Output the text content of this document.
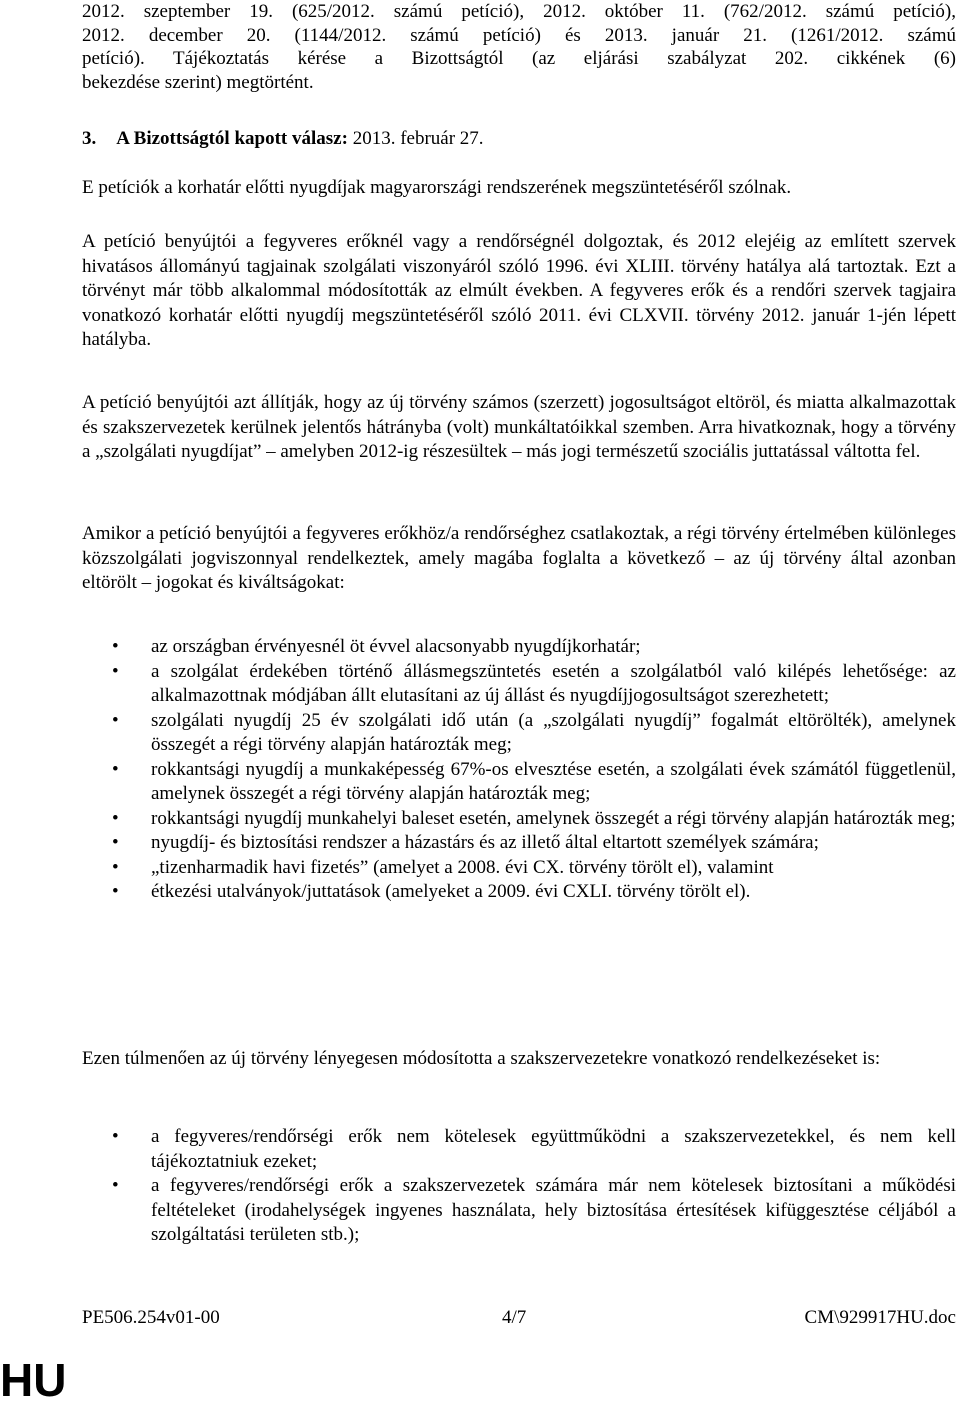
2012. szeptember 19. (625/2012. számú petíció), 2012. október 11. (762/2012. számú petíció),
2012. december 20. (1144/2012. számú petíció) és 2013. január 21. (1261/2012. számú
petíció). Tájékoztatás kérése a Bizottságtól (az eljárási szabályzat 202. cikkének (6)
bekezdése szerint) megtörtént.
3. A Bizottságtól kapott válasz: 2013. február 27.
E petíciók a korhatár előtti nyugdíjak magyarországi rendszerének megszüntetéséről szólnak.
A petíció benyújtói a fegyveres erőknél vagy a rendőrségnél dolgoztak, és 2012 elejéig az említett szervek hivatásos állományú tagjainak szolgálati viszonyáról szóló 1996. évi XLIII. törvény hatálya alá tartoztak. Ezt a törvényt már több alkalommal módosították az elmúlt években. A fegyveres erők és a rendőri szervek tagjaira vonatkozó korhatár előtti nyugdíj megszüntetéséről szóló 2011. évi CLXVII. törvény 2012. január 1-jén lépett hatályba.
A petíció benyújtói azt állítják, hogy az új törvény számos (szerzett) jogosultságot eltöröl, és miatta alkalmazottak és szakszervezetek kerülnek jelentős hátrányba (volt) munkáltatóikkal szemben. Arra hivatkoznak, hogy a törvény a „szolgálati nyugdíjat” – amelyben 2012-ig részesültek – más jogi természetű szociális juttatással váltotta fel.
Amikor a petíció benyújtói a fegyveres erőkhöz/a rendőrséghez csatlakoztak, a régi törvény értelmében különleges közszolgálati jogviszonnyal rendelkeztek, amely magába foglalta a következő – az új törvény által azonban eltörölt – jogokat és kiváltságokat:

• az országban érvényesnél öt évvel alacsonyabb nyugdíjkorhatár;

• a szolgálat érdekében történő állásmegszüntetés esetén a szolgálatból való kilépés lehetősége: az alkalmazottnak módjában állt elutasítani az új állást és nyugdíjjogosultságot szerezhetett;

• szolgálati nyugdíj 25 év szolgálati idő után (a „szolgálati nyugdíj” fogalmát eltörölték), amelynek összegét a régi törvény alapján határozták meg;

• rokkantsági nyugdíj a munkaképesség 67%-os elvesztése esetén, a szolgálati évek számától függetlenül, amelynek összegét a régi törvény alapján határozták meg;

• rokkantsági nyugdíj munkahelyi baleset esetén, amelynek összegét a régi törvény alapján határozták meg;

• nyugdíj- és biztosítási rendszer a házastárs és az illető által eltartott személyek számára;

• „tizenharmadik havi fizetés” (amelyet a 2008. évi CX. törvény törölt el), valamint

• étkezési utalványok/juttatások (amelyeket a 2009. évi CXLI. törvény törölt el).

Ezen túlmenően az új törvény lényegesen módosította a szakszervezetekre vonatkozó rendelkezéseket is:

• a fegyveres/rendőrségi erők nem kötelesek együttműködni a szakszervezetekkel, és nem kell tájékoztatniuk ezeket;

• a fegyveres/rendőrségi erők a szakszervezetek számára már nem kötelesek biztosítani a működési feltételeket (irodahelységek ingyenes használata, hely biztosítása értesítések kifüggesztése céljából a szolgáltatási területen stb.);

PE506.254v01-00	4/7	CM\929917HU.doc
HU
